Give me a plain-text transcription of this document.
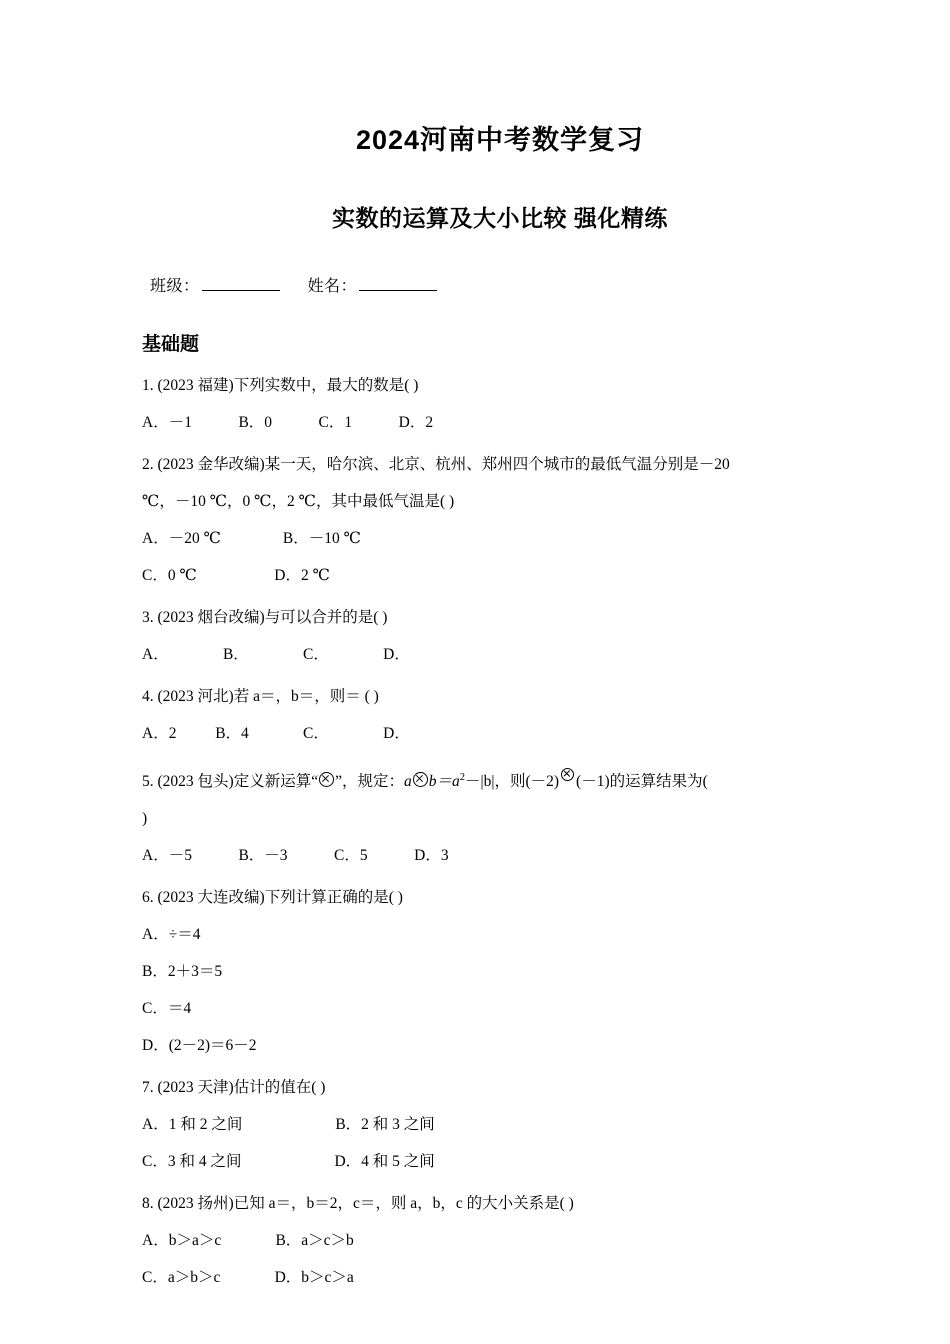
2024河南中考数学复习
实数的运算及大小比较 强化精练
班级：	姓名：
基础题
1. (2023 福建)下列实数中，最大的数是( )
A．－1            B．0            C．1            D．2
2. (2023 金华改编)某一天，哈尔滨、北京、杭州、郑州四个城市的最低气温分别是－20
℃，－10 ℃，0 ℃，2 ℃，其中最低气温是( )
A．－20 ℃                B．－10 ℃
C．0 ℃                    D．2 ℃
3. (2023 烟台改编)与可以合并的是( )
A．              B．              C．              D．
4. (2023 河北)若 a＝，b＝，则＝ ( )
A．2          B．4              C．              D．
5. (2023 包头)定义新运算“ ”，规定：a $b=a^2-|b|$，则(－2) (－1)的运算结果为(
)
A．－5            B．－3            C．5            D．3
6. (2023 大连改编)下列计算正确的是( )
A．÷＝4
B．2＋3＝5
C．＝4
D．(2－2)＝6－2
7. (2023 天津)估计的值在( )
A．1 和 2 之间                        B．2 和 3 之间
C．3 和 4 之间                        D．4 和 5 之间
8. (2023 扬州)已知 a＝，b＝2，c＝，则 a，b，c 的大小关系是( )
A．b＞a＞c              B．a＞c＞b
C．a＞b＞c              D．b＞c＞a
